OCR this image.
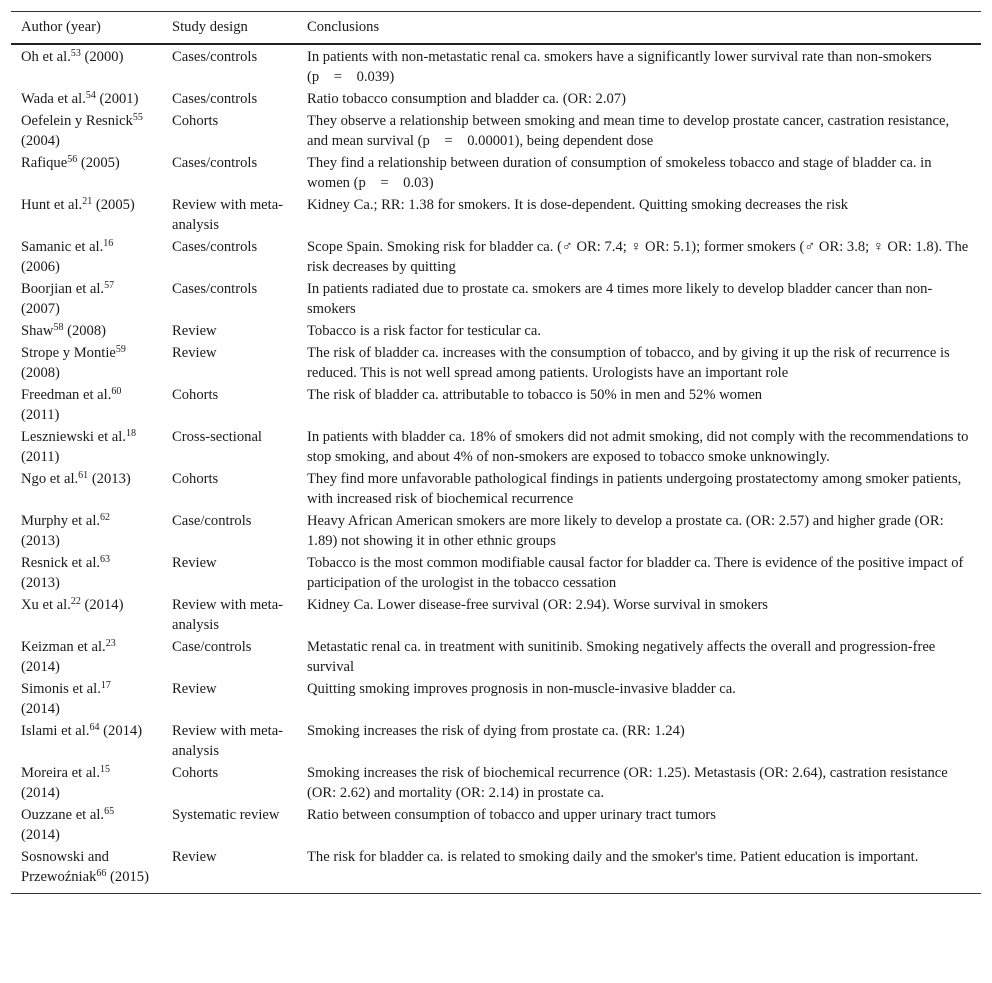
Author (year)	Study design	Conclusions
Oh et al.$^{53}$ (2000)	Cases/controls	In patients with non-metastatic renal ca. smokers have a significantly lower survival rate than non-smokers (p    =    0.039)
Wada et al.$^{54}$ (2001)	Cases/controls	Ratio tobacco consumption and bladder ca. (OR: 2.07)
Oefelein y Resnick$^{55}$ (2004)	Cohorts	They observe a relationship between smoking and mean time to develop prostate cancer, castration resistance, and mean survival (p    =    0.00001), being dependent dose
Rafique$^{56}$ (2005)	Cases/controls	They find a relationship between duration of consumption of smokeless tobacco and stage of bladder ca. in women (p    =    0.03)
Hunt et al.$^{21}$ (2005)	Review with meta-analysis	Kidney Ca.; RR: 1.38 for smokers. It is dose-dependent. Quitting smoking decreases the risk
Samanic et al.$^{16}$ (2006)	Cases/controls	Scope Spain. Smoking risk for bladder ca. (♂ OR: 7.4; ♀ OR: 5.1); former smokers (♂ OR: 3.8; ♀ OR: 1.8). The risk decreases by quitting
Boorjian et al.$^{57}$ (2007)	Cases/controls	In patients radiated due to prostate ca. smokers are 4 times more likely to develop bladder cancer than non-smokers
Shaw$^{58}$ (2008)	Review	Tobacco is a risk factor for testicular ca.
Strope y Montie$^{59}$ (2008)	Review	The risk of bladder ca. increases with the consumption of tobacco, and by giving it up the risk of recurrence is reduced. This is not well spread among patients. Urologists have an important role
Freedman et al.$^{60}$ (2011)	Cohorts	The risk of bladder ca. attributable to tobacco is 50% in men and 52% women
Leszniewski et al.$^{18}$ (2011)	Cross-sectional	In patients with bladder ca. 18% of smokers did not admit smoking, did not comply with the recommendations to stop smoking, and about 4% of non-smokers are exposed to tobacco smoke unknowingly.
Ngo et al.$^{61}$ (2013)	Cohorts	They find more unfavorable pathological findings in patients undergoing prostatectomy among smoker patients, with increased risk of biochemical recurrence
Murphy et al.$^{62}$ (2013)	Case/controls	Heavy African American smokers are more likely to develop a prostate ca. (OR: 2.57) and higher grade (OR: 1.89) not showing it in other ethnic groups
Resnick et al.$^{63}$ (2013)	Review	Tobacco is the most common modifiable causal factor for bladder ca. There is evidence of the positive impact of participation of the urologist in the tobacco cessation
Xu et al.$^{22}$ (2014)	Review with meta-analysis	Kidney Ca. Lower disease-free survival (OR: 2.94). Worse survival in smokers
Keizman et al.$^{23}$ (2014)	Case/controls	Metastatic renal ca. in treatment with sunitinib. Smoking negatively affects the overall and progression-free survival
Simonis et al.$^{17}$ (2014)	Review	Quitting smoking improves prognosis in non-muscle-invasive bladder ca.
Islami et al.$^{64}$ (2014)	Review with meta-analysis	Smoking increases the risk of dying from prostate ca. (RR: 1.24)
Moreira et al.$^{15}$ (2014)	Cohorts	Smoking increases the risk of biochemical recurrence (OR: 1.25). Metastasis (OR: 2.64), castration resistance (OR: 2.62) and mortality (OR: 2.14) in prostate ca.
Ouzzane et al.$^{65}$ (2014)	Systematic review	Ratio between consumption of tobacco and upper urinary tract tumors
Sosnowski and Przewoźniak$^{66}$ (2015)	Review	The risk for bladder ca. is related to smoking daily and the smoker's time. Patient education is important.
